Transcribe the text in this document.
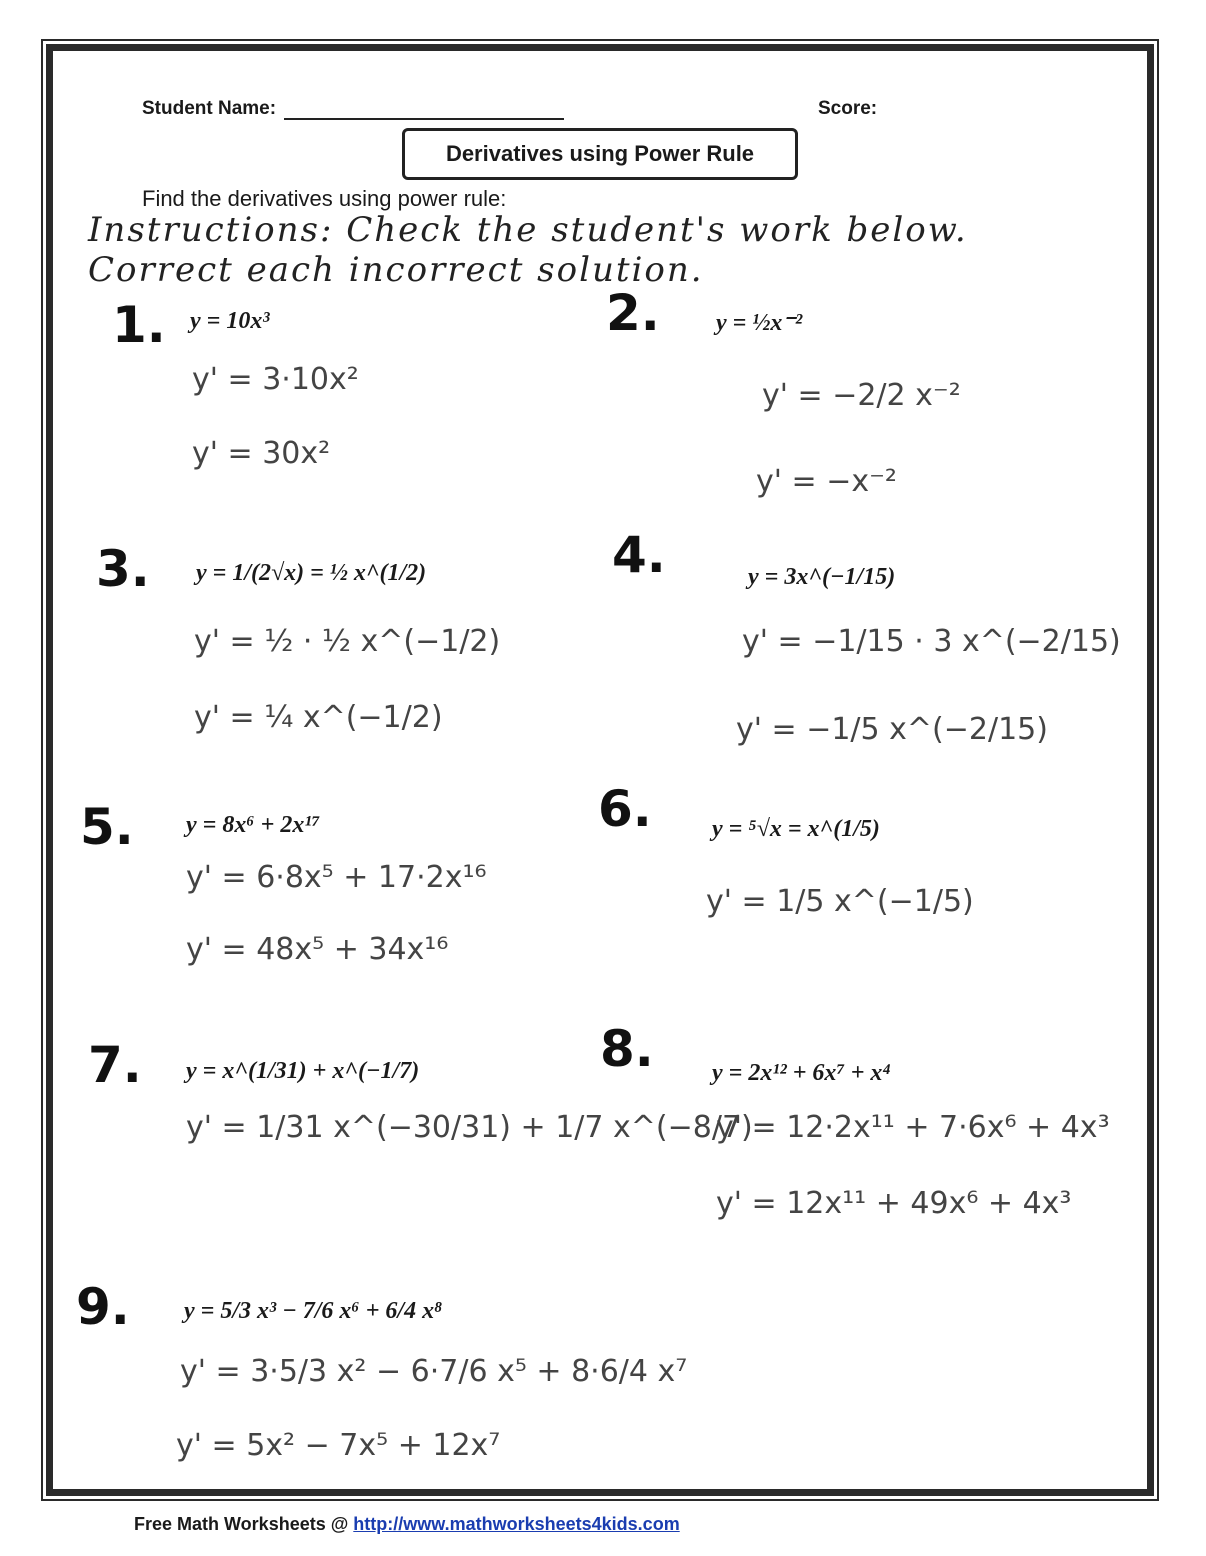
Student Name:	Score:
Derivatives using Power Rule
Find the derivatives using power rule:
Instructions: Check the student's work below.
Correct each incorrect solution.
1. y = 10x³
y' = 3·10x²
y' = 30x²
2. y = ½x⁻²
y' = −2/2 x⁻²
y' = −x⁻²
3. y = 1/(2√x) = ½ x^(1/2)
y' = ½ · ½ x^(−1/2)
y' = ¼ x^(−1/2)
4.	y = 3x^(−1/15)
y' = −1/15 · 3 x^(−2/15)
y' = −1/5 x^(−2/15)
5. y = 8x⁶ + 2x¹⁷
y' = 6·8x⁵ + 17·2x¹⁶
y' = 48x⁵ + 34x¹⁶
6.	y = ⁵√x = x^(1/5)
y' = 1/5 x^(−1/5)
7. y = x^(1/31) + x^(−1/7)
y' = 1/31 x^(−30/31) + 1/7 x^(−8/7)
8. y = 2x¹² + 6x⁷ + x⁴
y' = 12·2x¹¹ + 7·6x⁶ + 4x³
y' = 12x¹¹ + 49x⁶ + 4x³
9. y = 5/3 x³ − 7/6 x⁶ + 6/4 x⁸
y' = 3·5/3 x² − 6·7/6 x⁵ + 8·6/4 x⁷
y' = 5x² − 7x⁵ + 12x⁷
Free Math Worksheets @ http://www.mathworksheets4kids.com
